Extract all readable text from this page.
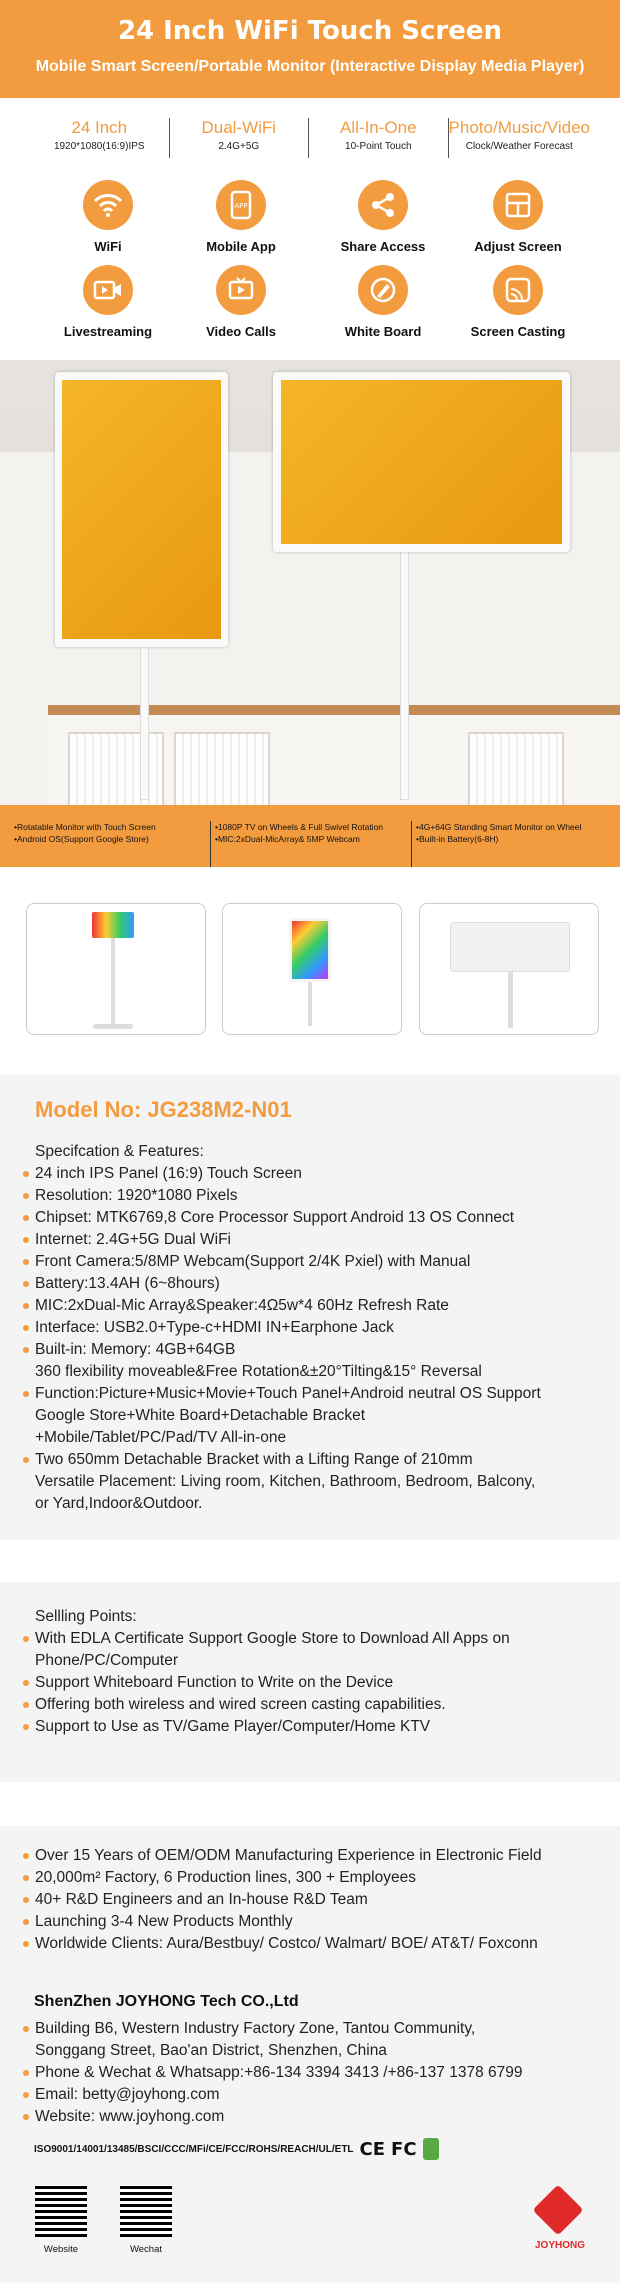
24 Inch WiFi Touch Screen
Mobile Smart Screen/Portable Monitor (Interactive Display Media Player)
24 Inch
1920*1080(16:9)IPS
Dual-WiFi
2.4G+5G
All-In-One
10-Point Touch
Photo/Music/Video
Clock/Weather Forecast
WiFi
APP
Mobile App	Share Access	Adjust Screen
Livestreaming	Video Calls	White Board	Screen Casting
•Rotatable Monitor with Touch Screen
•Android OS(Support Google Store)
•1080P TV on Wheels & Full Swivel Rotation
•MIC:2xDual-MicArray& 5MP Webcam
•4G+64G Standing Smart Monitor on Wheel
•Built-in Battery(6-8H)
Model No: JG238M2-N01
Specifcation & Features:
24 inch IPS Panel (16:9) Touch Screen
Resolution: 1920*1080 Pixels
Chipset: MTK6769,8 Core Processor Support Android 13 OS Connect
Internet: 2.4G+5G Dual WiFi
Front Camera:5/8MP Webcam(Support 2/4K Pxiel) with Manual
Battery:13.4AH (6~8hours)
MIC:2xDual-Mic Array&Speaker:4Ω5w*4 60Hz Refresh Rate
Interface: USB2.0+Type-c+HDMI IN+Earphone Jack
Built-in: Memory: 4GB+64GB
360 flexibility moveable&Free Rotation&±20°Tilting&15° Reversal
Function:Picture+Music+Movie+Touch Panel+Android neutral OS Support
Google Store+White Board+Detachable Bracket
+Mobile/Tablet/PC/Pad/TV All-in-one
Two 650mm Detachable Bracket with a Lifting Range of 210mm
Versatile Placement: Living room, Kitchen, Bathroom, Bedroom, Balcony,
or Yard,Indoor&Outdoor.
Sellling Points:
With EDLA Certificate Support Google Store to Download All Apps on
Phone/PC/Computer
Support Whiteboard Function to Write on the Device
Offering both wireless and wired screen casting capabilities.
Support to Use as TV/Game Player/Computer/Home KTV
Over 15 Years of OEM/ODM Manufacturing Experience in Electronic Field
20,000m² Factory, 6 Production lines, 300 + Employees
40+ R&D Engineers and an In-house R&D Team
Launching 3-4 New Products Monthly
Worldwide Clients: Aura/Bestbuy/ Costco/ Walmart/ BOE/ AT&T/ Foxconn
ShenZhen JOYHONG Tech CO.,Ltd
Building B6, Western Industry Factory Zone, Tantou Community,
Songgang Street, Bao'an District, Shenzhen, China
Phone & Wechat & Whatsapp:+86-134 3394 3413 /+86-137 1378 6799
Email: betty@joyhong.com
Website: www.joyhong.com
ISO9001/14001/13485/BSCI/CCC/MFi/CE/FCC/ROHS/REACH/UL/ETL CE FC
Website	Wechat	JOYHONG
